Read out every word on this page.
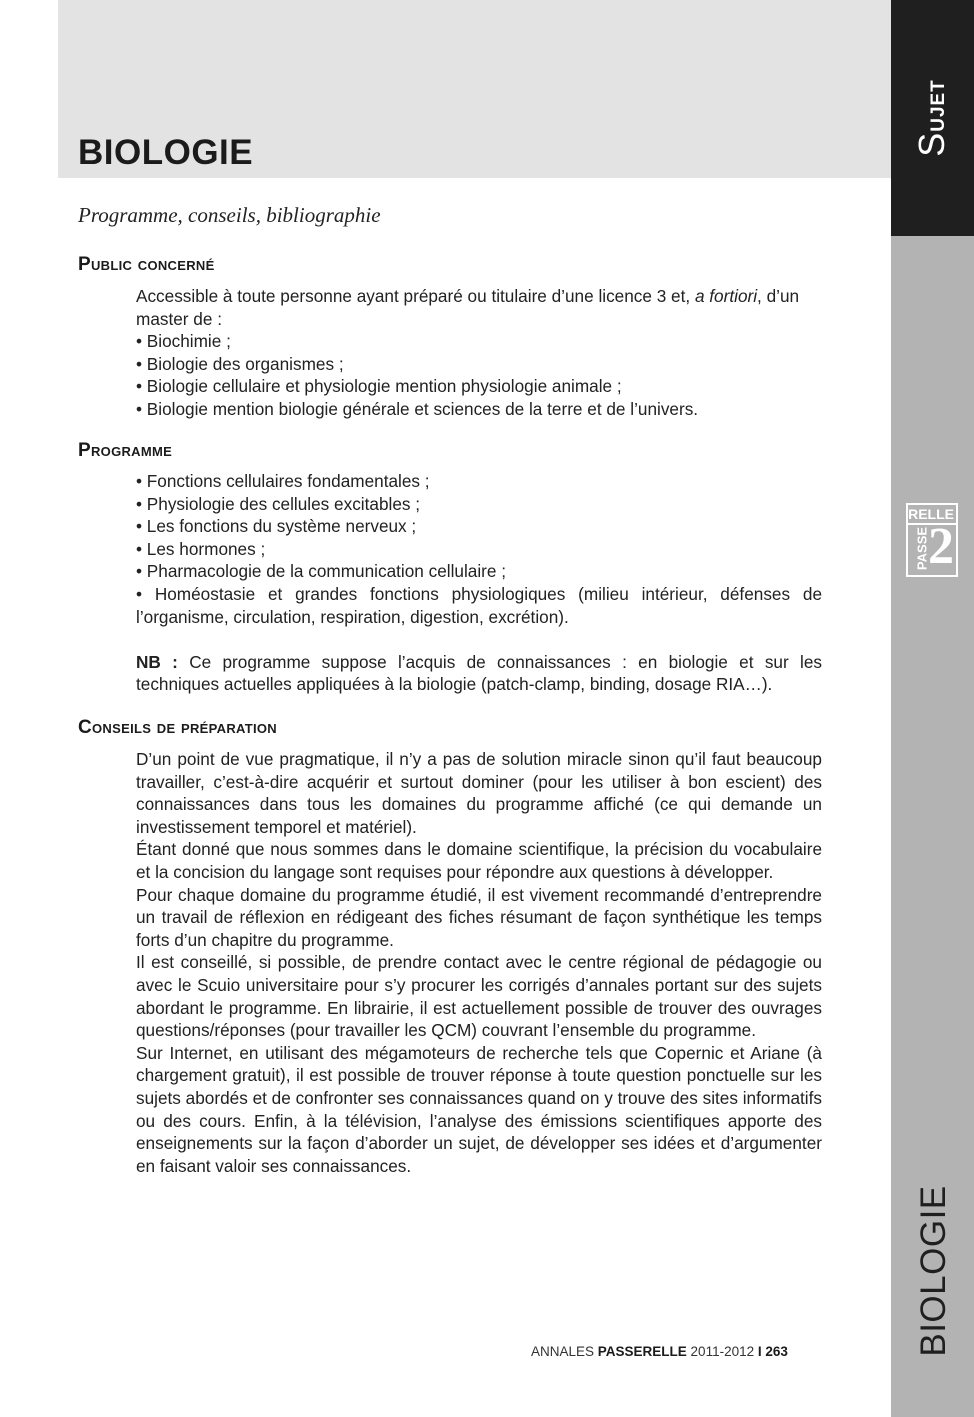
BIOLOGIE

Programme, conseils, bibliographie

Sujet
RELLE
PASSE
2
BIOLOGIE
Public concerné

Accessible à toute personne ayant préparé ou titulaire d’une licence 3 et, a fortiori, d’un master de :

• Biochimie ;

• Biologie des organismes ;

• Biologie cellulaire et physiologie mention physiologie animale ;

• Biologie mention biologie générale et sciences de la terre et de l’univers.

Programme

• Fonctions cellulaires fondamentales ;

• Physiologie des cellules excitables ;

• Les fonctions du système nerveux ;

• Les hormones ;

• Pharmacologie de la communication cellulaire ;

• Homéostasie et grandes fonctions physiologiques (milieu intérieur, défenses de

l’organisme, circulation, respiration, digestion, excrétion).

NB : Ce programme suppose l’acquis de connaissances : en biologie et sur les techniques actuelles appliquées à la biologie (patch-clamp, binding, dosage RIA…).

Conseils de préparation

D’un point de vue pragmatique, il n’y a pas de solution miracle sinon qu’il faut beaucoup travailler, c’est-à-dire acquérir et surtout dominer (pour les utiliser à bon escient) des connaissances dans tous les domaines du programme affiché (ce qui demande un investissement temporel et matériel).

Étant donné que nous sommes dans le domaine scientifique, la précision du vocabulaire et la concision du langage sont requises pour répondre aux questions à développer.

Pour chaque domaine du programme étudié, il est vivement recommandé d’entreprendre un travail de réflexion en rédigeant des fiches résumant de façon synthétique les temps forts d’un chapitre du programme.

Il est conseillé, si possible, de prendre contact avec le centre régional de pédagogie ou avec le Scuio universitaire pour s’y procurer les corrigés d’annales portant sur des sujets abordant le programme. En librairie, il est actuellement possible de trouver des ouvrages questions/réponses (pour travailler les QCM) couvrant l’ensemble du programme.

Sur Internet, en utilisant des mégamoteurs de recherche tels que Copernic et Ariane (à chargement gratuit), il est possible de trouver réponse à toute question ponctuelle sur les sujets abordés et de confronter ses connaissances quand on y trouve des sites informatifs ou des cours. Enfin, à la télévision, l’analyse des émissions scientifiques apporte des enseignements sur la façon d’aborder un sujet, de développer ses idées et d’argumenter en faisant valoir ses connaissances.

ANNALES PASSERELLE 2011-2012 I 263
